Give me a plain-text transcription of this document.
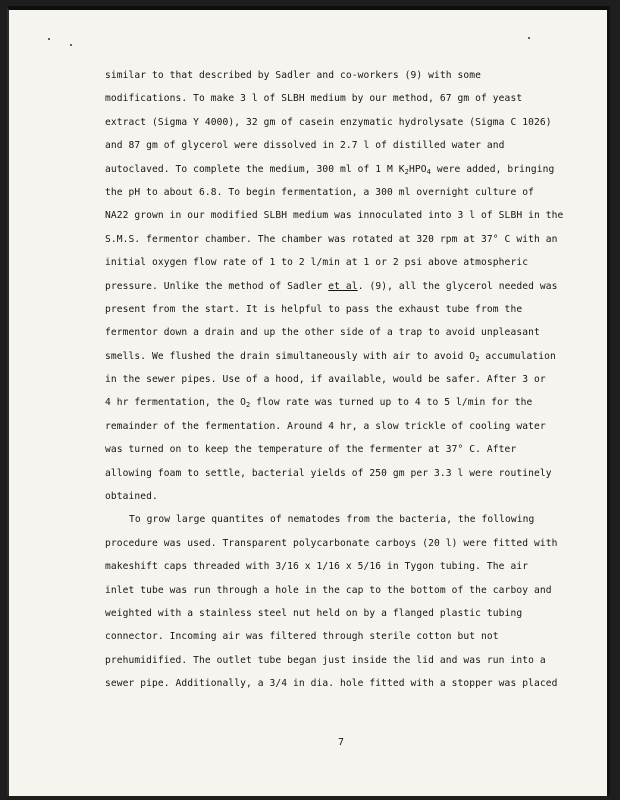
similar to that described by Sadler and co-workers (9) with some
modifications. To make 3 l of SLBH medium by our method, 67 gm of yeast
extract (Sigma Y 4000), 32 gm of casein enzymatic hydrolysate (Sigma C 1026)
and 87 gm of glycerol were dissolved in 2.7 l of distilled water and
autoclaved. To complete the medium, 300 ml of 1 M $K_2HPO_4$ were added, bringing
the pH to about 6.8. To begin fermentation, a 300 ml overnight culture of
NA22 grown in our modified SLBH medium was innoculated into 3 l of SLBH in the
S.M.S. fermentor chamber. The chamber was rotated at 320 rpm at 37° C with an
initial oxygen flow rate of 1 to 2 l/min at 1 or 2 psi above atmospheric
pressure. Unlike the method of Sadler et al. (9), all the glycerol needed was
present from the start. It is helpful to pass the exhaust tube from the
fermentor down a drain and up the other side of a trap to avoid unpleasant
smells. We flushed the drain simultaneously with air to avoid $O_2$ accumulation
in the sewer pipes. Use of a hood, if available, would be safer. After 3 or
4 hr fermentation, the $O_2$ flow rate was turned up to 4 to 5 l/min for the
remainder of the fermentation. Around 4 hr, a slow trickle of cooling water
was turned on to keep the temperature of the fermenter at 37° C. After
allowing foam to settle, bacterial yields of 250 gm per 3.3 l were routinely
obtained.
To grow large quantites of nematodes from the bacteria, the following
procedure was used. Transparent polycarbonate carboys (20 l) were fitted with
makeshift caps threaded with 3/16 x 1/16 x 5/16 in Tygon tubing. The air
inlet tube was run through a hole in the cap to the bottom of the carboy and
weighted with a stainless steel nut held on by a flanged plastic tubing
connector. Incoming air was filtered through sterile cotton but not
prehumidified. The outlet tube began just inside the lid and was run into a
sewer pipe. Additionally, a 3/4 in dia. hole fitted with a stopper was placed
7
